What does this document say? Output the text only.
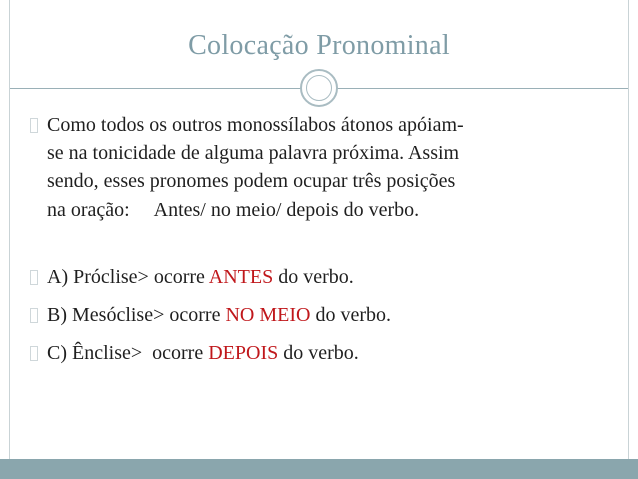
Colocação Pronominal
Como todos os outros monossílabos átonos apóiam-
se na tonicidade de alguma palavra próxima. Assim
sendo, esses pronomes podem ocupar três posições
na oração:     Antes/ no meio/ depois do verbo.
A) Próclise> ocorre ANTES do verbo.
B) Mesóclise> ocorre NO MEIO do verbo.
C) Ênclise>  ocorre DEPOIS do verbo.
